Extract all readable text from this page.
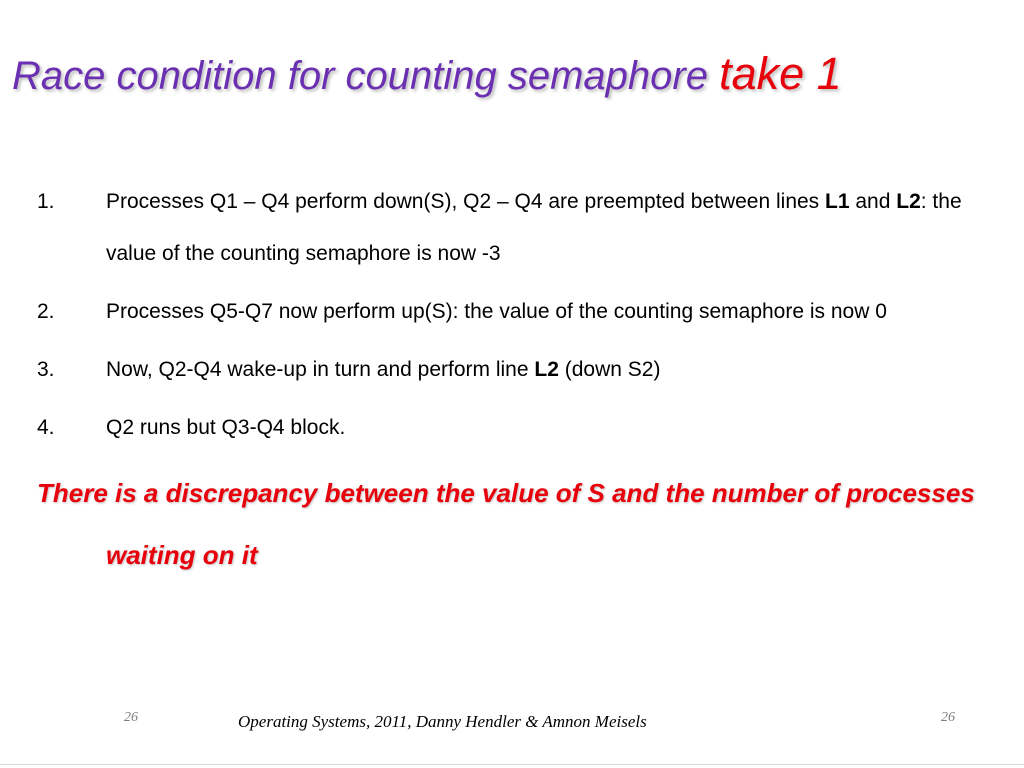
Race condition for counting semaphore take 1
1. Processes Q1 – Q4 perform down(S), Q2 – Q4 are preempted between lines L1 and L2: the value of the counting semaphore is now -3
2. Processes Q5-Q7 now perform up(S): the value of the counting semaphore is now 0
3. Now, Q2-Q4 wake-up in turn and perform line L2 (down S2)
4. Q2 runs but Q3-Q4 block.
There is a discrepancy between the value of S and the number of processes waiting on it
26	Operating Systems, 2011, Danny Hendler & Amnon Meisels	26
